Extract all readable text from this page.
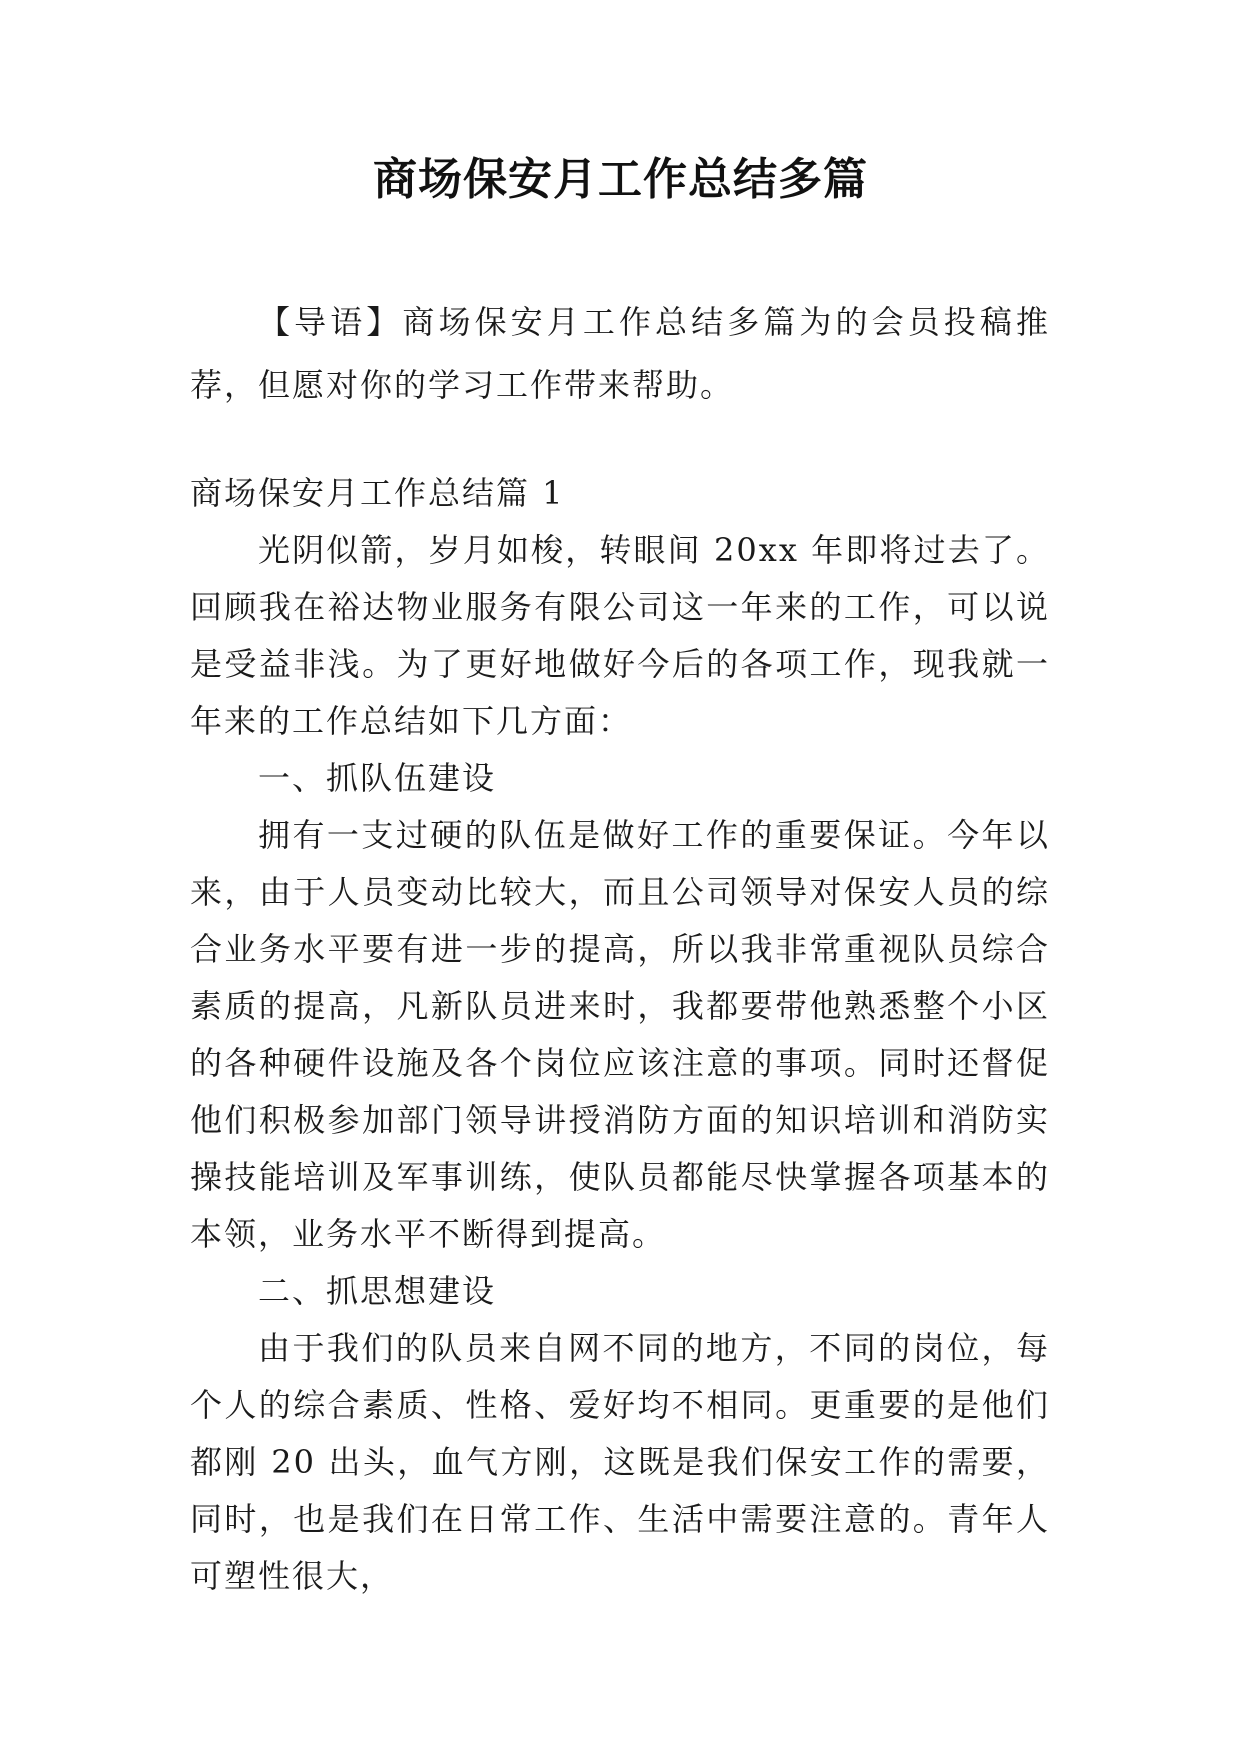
商场保安月工作总结多篇

【导语】商场保安月工作总结多篇为的会员投稿推荐，但愿对你的学习工作带来帮助。

商场保安月工作总结篇 1

光阴似箭，岁月如梭，转眼间 20xx 年即将过去了。回顾我在裕达物业服务有限公司这一年来的工作，可以说是受益非浅。为了更好地做好今后的各项工作，现我就一年来的工作总结如下几方面：

一、抓队伍建设

拥有一支过硬的队伍是做好工作的重要保证。今年以来，由于人员变动比较大，而且公司领导对保安人员的综合业务水平要有进一步的提高，所以我非常重视队员综合素质的提高，凡新队员进来时，我都要带他熟悉整个小区的各种硬件设施及各个岗位应该注意的事项。同时还督促他们积极参加部门领导讲授消防方面的知识培训和消防实操技能培训及军事训练，使队员都能尽快掌握各项基本的本领，业务水平不断得到提高。

二、抓思想建设

由于我们的队员来自网不同的地方，不同的岗位，每个人的综合素质、性格、爱好均不相同。更重要的是他们都刚 20 出头，血气方刚，这既是我们保安工作的需要，同时，也是我们在日常工作、生活中需要注意的。青年人可塑性很大，
